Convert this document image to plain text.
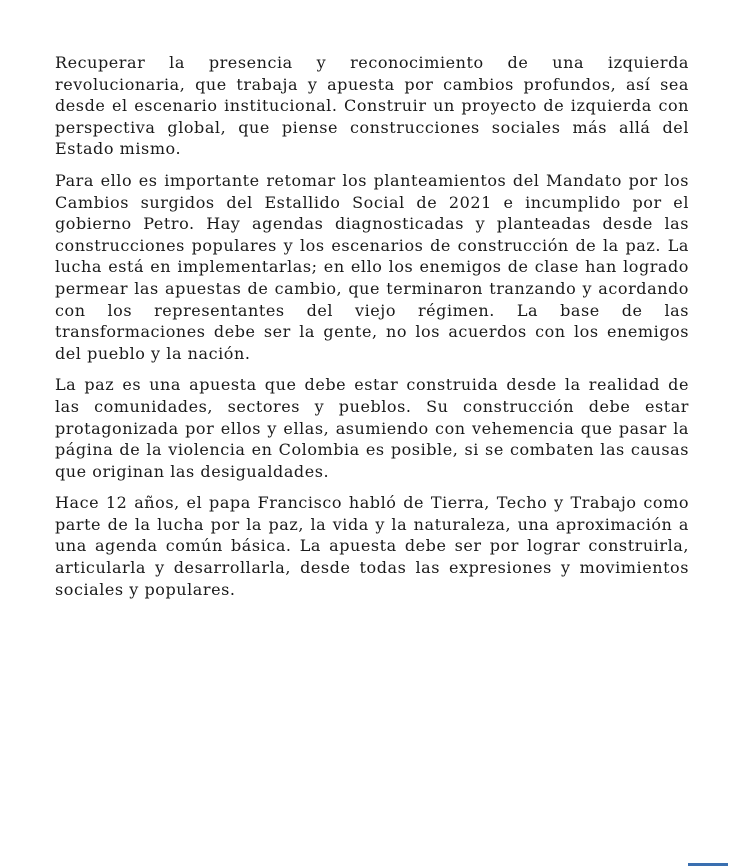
Recuperar la presencia y reconocimiento de una izquierda revolucionaria, que trabaja y apuesta por cambios profundos, así sea desde el escenario institucional. Construir un proyecto de izquierda con perspectiva global, que piense construcciones sociales más allá del Estado mismo.

Para ello es importante retomar los planteamientos del Mandato por los Cambios surgidos del Estallido Social de 2021 e incumplido por el gobierno Petro. Hay agendas diagnosticadas y planteadas desde las construcciones populares y los escenarios de construcción de la paz. La lucha está en implementarlas; en ello los enemigos de clase han logrado permear las apuestas de cambio, que terminaron tranzando y acordando con los representantes del viejo régimen. La base de las transformaciones debe ser la gente, no los acuerdos con los enemigos del pueblo y la nación.

La paz es una apuesta que debe estar construida desde la realidad de las comunidades, sectores y pueblos. Su construcción debe estar protagonizada por ellos y ellas, asumiendo con vehemencia que pasar la página de la violencia en Colombia es posible, si se combaten las causas que originan las desigualdades.

Hace 12 años, el papa Francisco habló de Tierra, Techo y Trabajo como parte de la lucha por la paz, la vida y la naturaleza, una aproximación a una agenda común básica. La apuesta debe ser por lograr construirla, articularla y desarrollarla, desde todas las expresiones y movimientos sociales y populares.
